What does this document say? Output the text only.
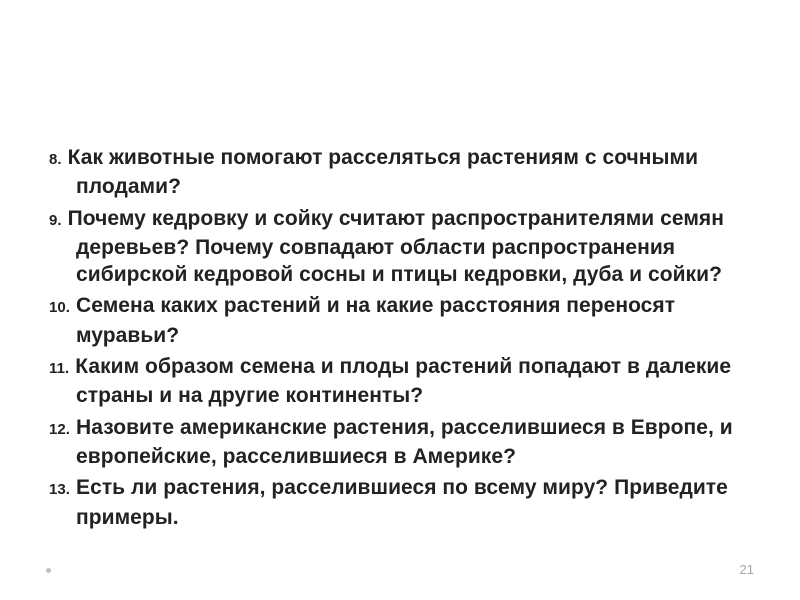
8. Как животные помогают расселяться растениям с сочными плодами?
9. Почему кедровку и сойку считают распространителями семян деревьев? Почему совпадают области распространения сибирской кедровой сосны и птицы кедровки, дуба и сойки?
10. Семена каких растений и на какие расстояния переносят муравьи?
11. Каким образом семена и плоды растений попадают в далекие страны и на другие континенты?
12. Назовите американские растения, расселившиеся в Европе, и европейские, расселившиеся в Америке?
13. Есть ли растения, расселившиеся по всему миру? Приведите примеры.
21
